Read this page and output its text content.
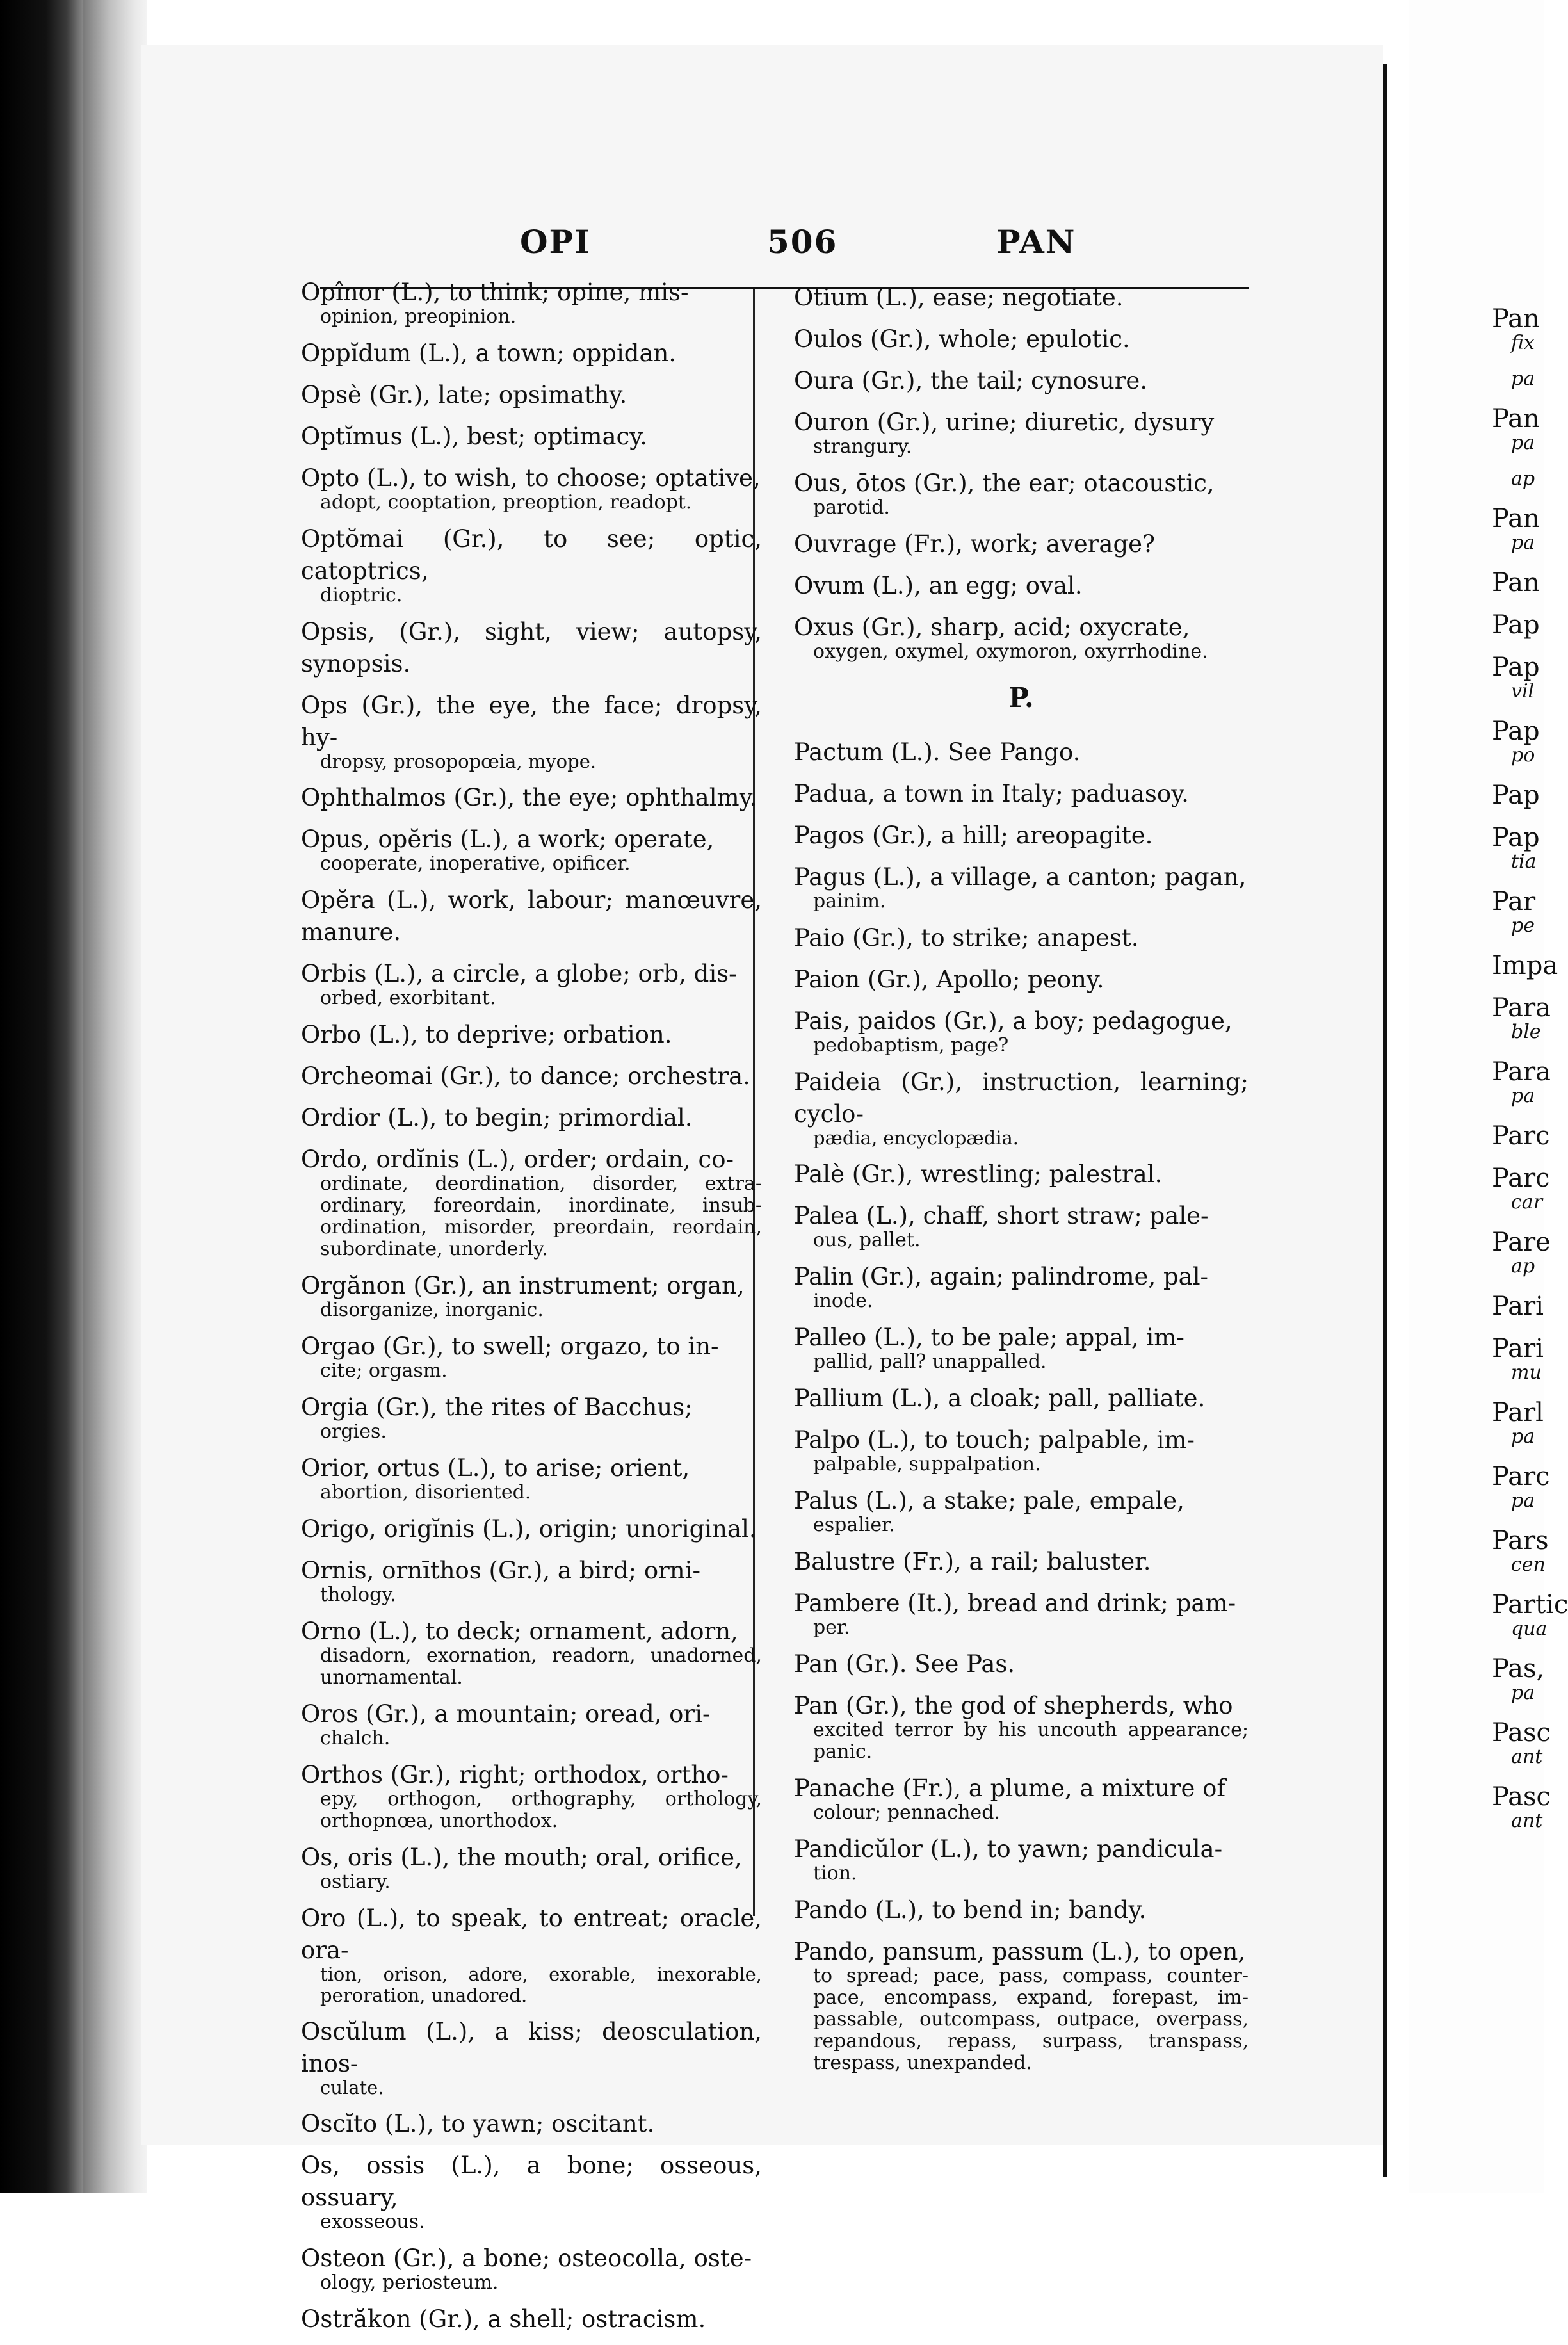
OPI	506	PAN
Opînor (L.), to think; opine, mis-
opinion, preopinion.
Oppĭdum (L.), a town; oppidan.
Opsè (Gr.), late; opsimathy.
Optĭmus (L.), best; optimacy.
Opto (L.), to wish, to choose; optative,
adopt, cooptation, preoption, readopt.
Optŏmai (Gr.), to see; optic, catoptrics,
dioptric.
Opsis, (Gr.), sight, view; autopsy, synopsis.
Ops (Gr.), the eye, the face; dropsy, hy-
dropsy, prosopopœia, myope.
Ophthalmos (Gr.), the eye; ophthalmy.
Opus, opĕris (L.), a work; operate,
cooperate, inoperative, opificer.
Opĕra (L.), work, labour; manœuvre, manure.
Orbis (L.), a circle, a globe; orb, dis-
orbed, exorbitant.
Orbo (L.), to deprive; orbation.
Orcheomai (Gr.), to dance; orchestra.
Ordior (L.), to begin; primordial.
Ordo, ordĭnis (L.), order; ordain, co-
ordinate, deordination, disorder, extra-ordinary, foreordain, inordinate, insub-ordination, misorder, preordain, reordain, subordinate, unorderly.
Orgănon (Gr.), an instrument; organ,
disorganize, inorganic.
Orgao (Gr.), to swell; orgazo, to in-
cite; orgasm.
Orgia (Gr.), the rites of Bacchus;
orgies.
Orior, ortus (L.), to arise; orient,
abortion, disoriented.
Origo, origĭnis (L.), origin; unoriginal.
Ornis, ornīthos (Gr.), a bird; orni-
thology.
Orno (L.), to deck; ornament, adorn,
disadorn, exornation, readorn, unadorned, unornamental.
Oros (Gr.), a mountain; oread, ori-
chalch.
Orthos (Gr.), right; orthodox, ortho-
epy, orthogon, orthography, orthology, orthopnœa, unorthodox.
Os, oris (L.), the mouth; oral, orifice,
ostiary.
Oro (L.), to speak, to entreat; oracle, ora-
tion, orison, adore, exorable, inexorable, peroration, unadored.
Oscŭlum (L.), a kiss; deosculation, inos-
culate.
Oscĭto (L.), to yawn; oscitant.
Os, ossis (L.), a bone; osseous, ossuary,
exosseous.
Osteon (Gr.), a bone; osteocolla, oste-
ology, periosteum.
Ostrăkon (Gr.), a shell; ostracism.
Otium (L.), ease; negotiate.
Oulos (Gr.), whole; epulotic.
Oura (Gr.), the tail; cynosure.
Ouron (Gr.), urine; diuretic, dysury
strangury.
Ous, ōtos (Gr.), the ear; otacoustic,
parotid.
Ouvrage (Fr.), work; average?
Ovum (L.), an egg; oval.
Oxus (Gr.), sharp, acid; oxycrate,
oxygen, oxymel, oxymoron, oxyrrhodine.
P.
Pactum (L.). See Pango.
Padua, a town in Italy; paduasoy.
Pagos (Gr.), a hill; areopagite.
Pagus (L.), a village, a canton; pagan,
painim.
Paio (Gr.), to strike; anapest.
Paion (Gr.), Apollo; peony.
Pais, paidos (Gr.), a boy; pedagogue,
pedobaptism, page?
Paideia (Gr.), instruction, learning; cyclo-
pædia, encyclopædia.
Palè (Gr.), wrestling; palestral.
Palea (L.), chaff, short straw; pale-
ous, pallet.
Palin (Gr.), again; palindrome, pal-
inode.
Palleo (L.), to be pale; appal, im-
pallid, pall? unappalled.
Pallium (L.), a cloak; pall, palliate.
Palpo (L.), to touch; palpable, im-
palpable, suppalpation.
Palus (L.), a stake; pale, empale,
espalier.
Balustre (Fr.), a rail; baluster.
Pambere (It.), bread and drink; pam-
per.
Pan (Gr.). See Pas.
Pan (Gr.), the god of shepherds, who
excited terror by his uncouth appearance; panic.
Panache (Fr.), a plume, a mixture of
colour; pennached.
Pandicŭlor (L.), to yawn; pandicula-
tion.
Pando (L.), to bend in; bandy.
Pando, pansum, passum (L.), to open,
to spread; pace, pass, compass, counter-pace, encompass, expand, forepast, im-passable, outcompass, outpace, overpass, repandous, repass, surpass, transpass, trespass, unexpanded.
Pan
fix
pa
Pan
pa
ap
Pan
pa
Pan
Pap
Pap
vil
Pap
po
Pap
Pap
tia
Par
pe
Impa
Para
ble
Para
pa
Parc
Parc
car
Pare
ap
Pari
Pari
mu
Parl
pa
Parc
pa
Pars
cen
Partic
qua
Pas,
pa
Pasc
ant
Pasc
ant
